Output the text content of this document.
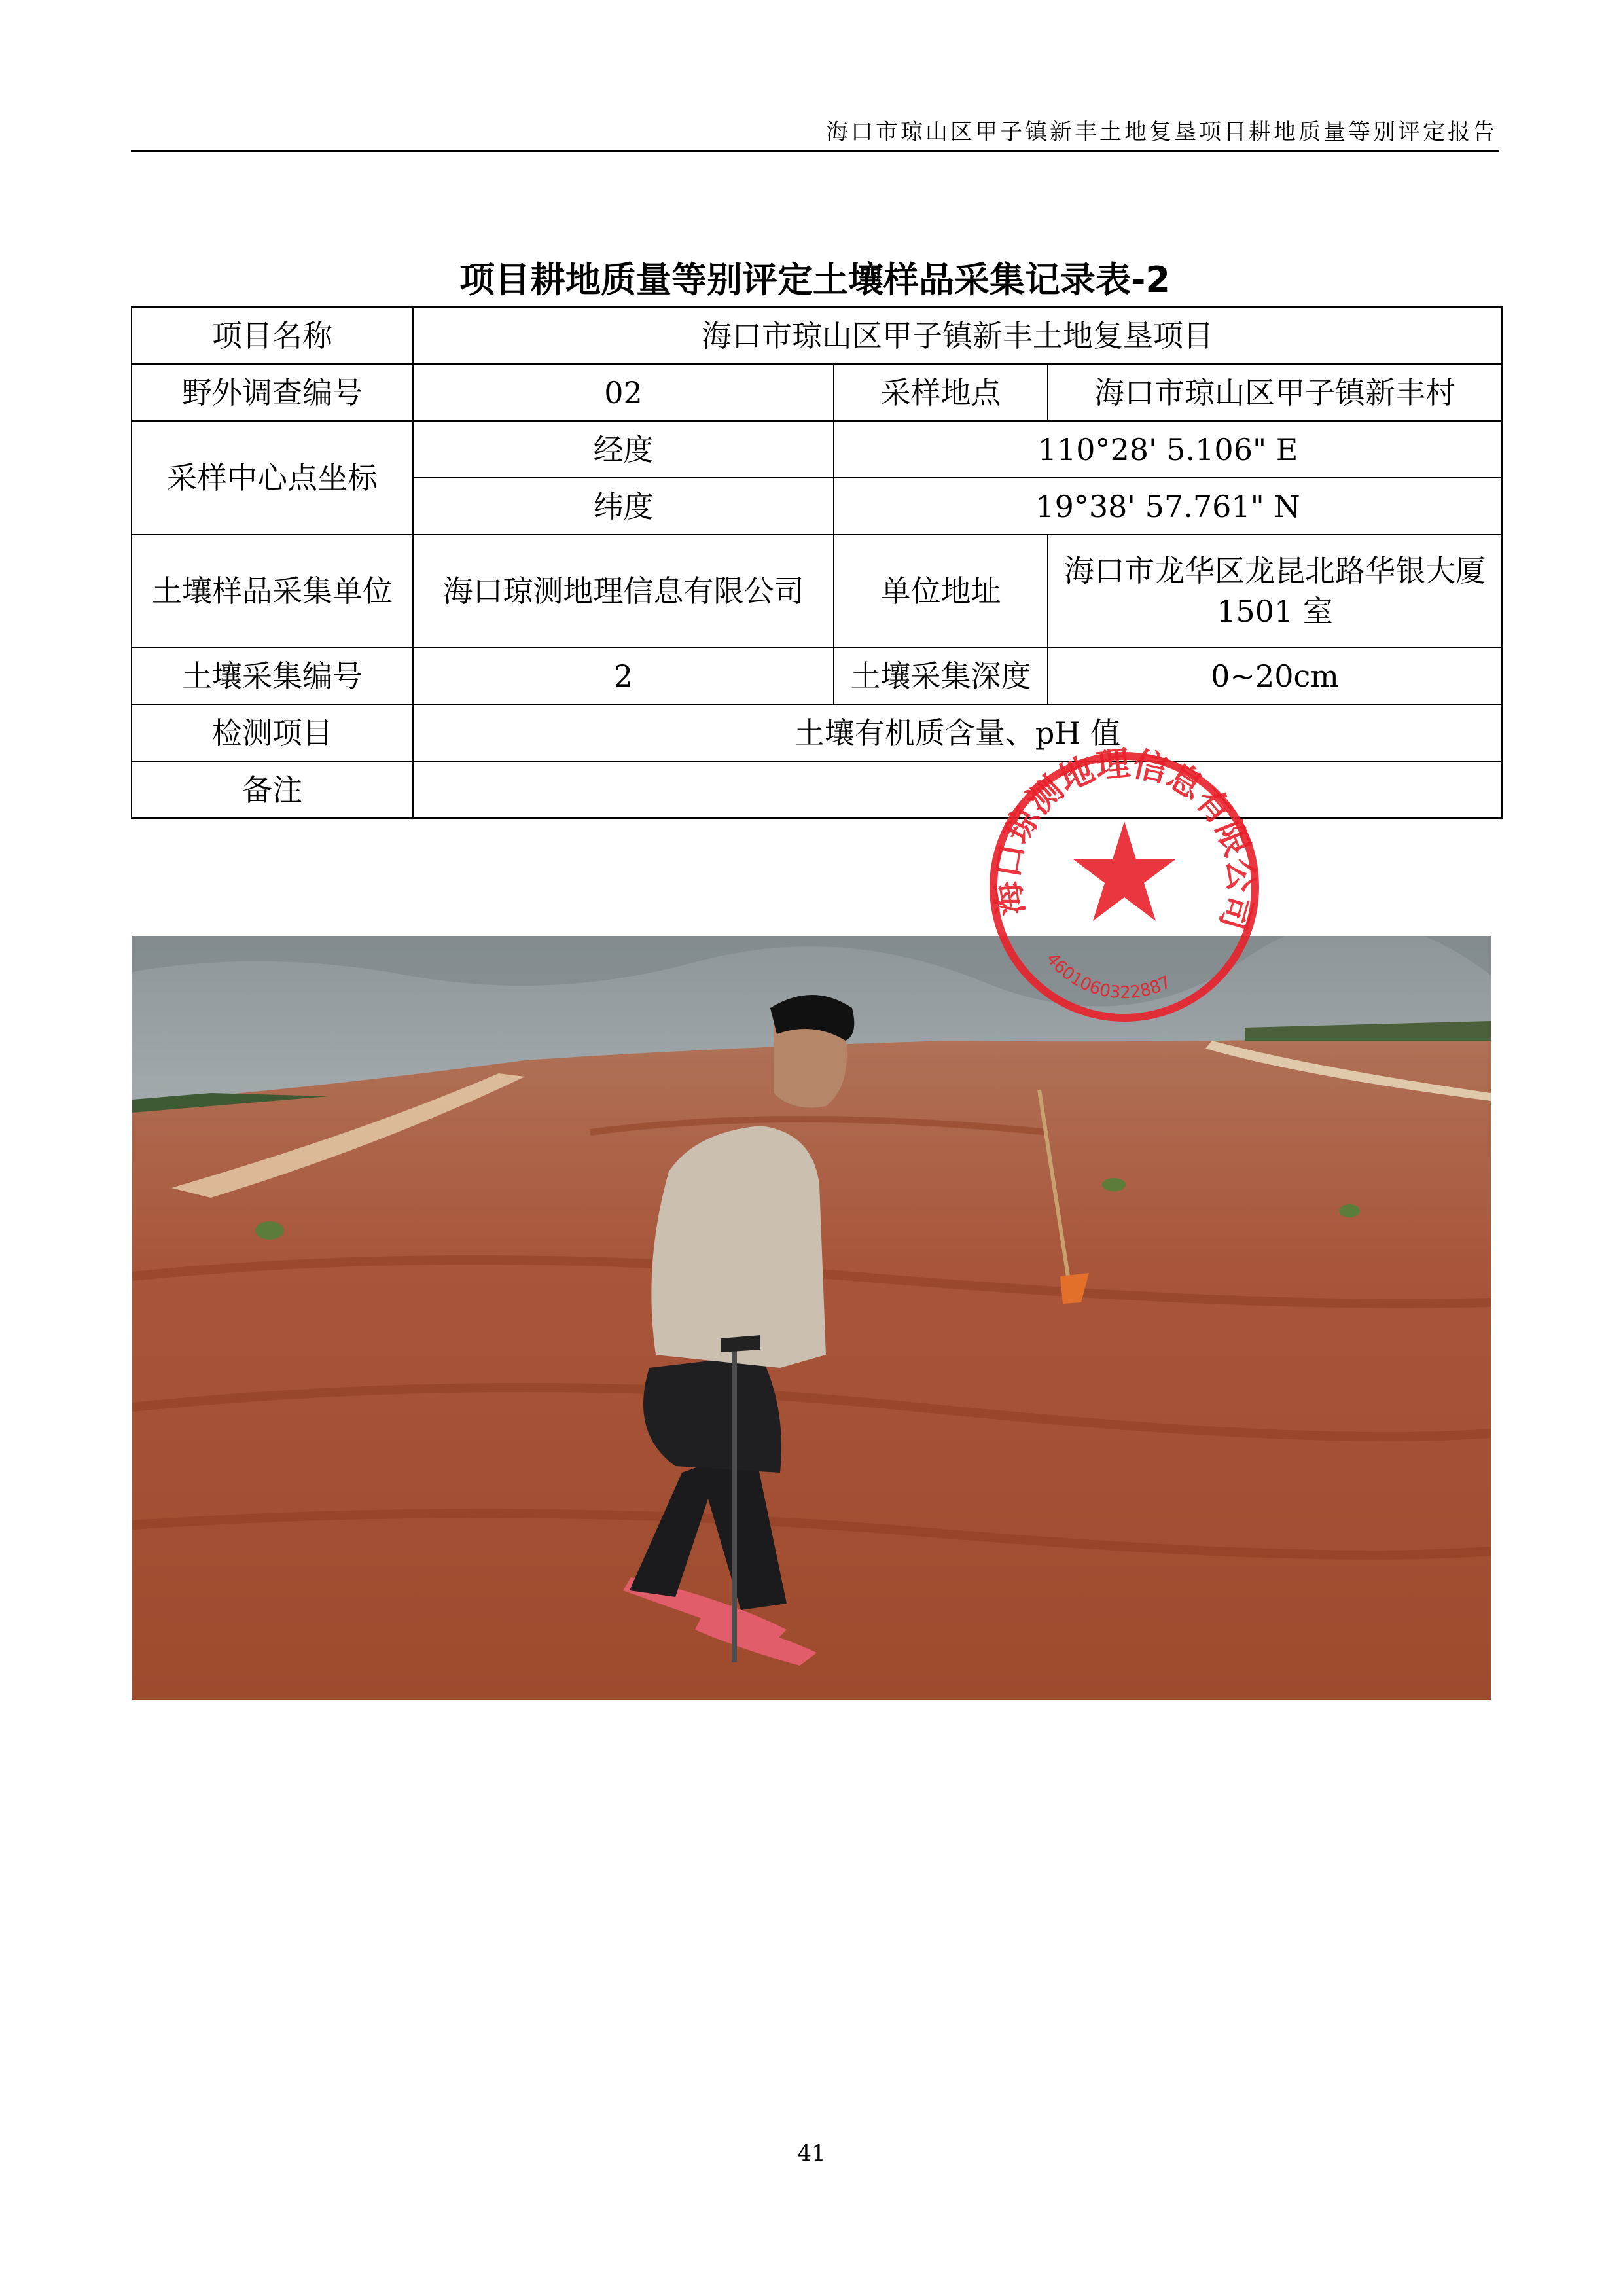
海口市琼山区甲子镇新丰土地复垦项目耕地质量等别评定报告
项目耕地质量等别评定土壤样品采集记录表-2
项目名称	海口市琼山区甲子镇新丰土地复垦项目		
野外调查编号	02	采样地点	海口市琼山区甲子镇新丰村
采样中心点坐标	经度	110°28' 5.106" E	
	纬度	19°38' 57.761" N	
土壤样品采集单位	海口琼测地理信息有限公司	单位地址	海口市龙华区龙昆北路华银大厦 1501 室
土壤采集编号	2	土壤采集深度	0~20cm
检测项目	土壤有机质含量、pH 值		
备注			
海口琼测地理信息有限公司
4601060322887
41
